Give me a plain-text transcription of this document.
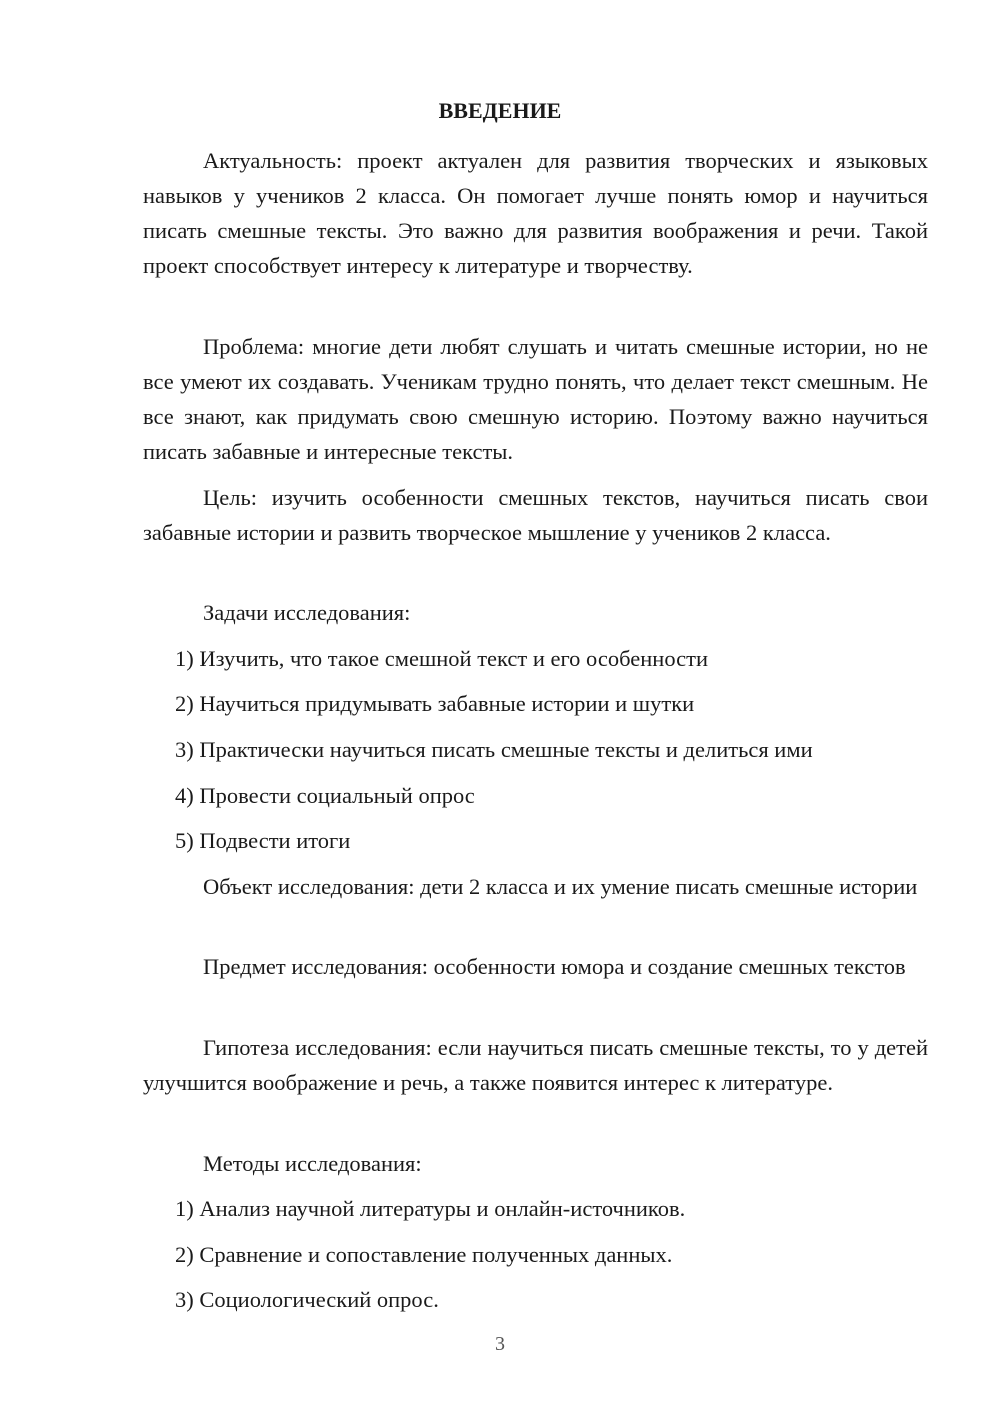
ВВЕДЕНИЕ

Актуальность: проект актуален для развития творческих и языковых навыков у учеников 2 класса. Он помогает лучше понять юмор и научиться писать смешные тексты. Это важно для развития воображения и речи. Такой проект способствует интересу к литературе и творчеству.

Проблема: многие дети любят слушать и читать смешные истории, но не все умеют их создавать. Ученикам трудно понять, что делает текст смешным. Не все знают, как придумать свою смешную историю. Поэтому важно научиться писать забавные и интересные тексты.

Цель: изучить особенности смешных текстов, научиться писать свои забавные истории и развить творческое мышление у учеников 2 класса.

Задачи исследования:

1) Изучить, что такое смешной текст и его особенности

2) Научиться придумывать забавные истории и шутки

3) Практически научиться писать смешные тексты и делиться ими

4) Провести социальный опрос

5) Подвести итоги

Объект исследования: дети 2 класса и их умение писать смешные истории

Предмет исследования: особенности юмора и создание смешных текстов

Гипотеза исследования: если научиться писать смешные тексты, то у детей улучшится воображение и речь, а также появится интерес к литературе.

Методы исследования:

1) Анализ научной литературы и онлайн-источников.

2) Сравнение и сопоставление полученных данных.

3) Социологический опрос.

3
